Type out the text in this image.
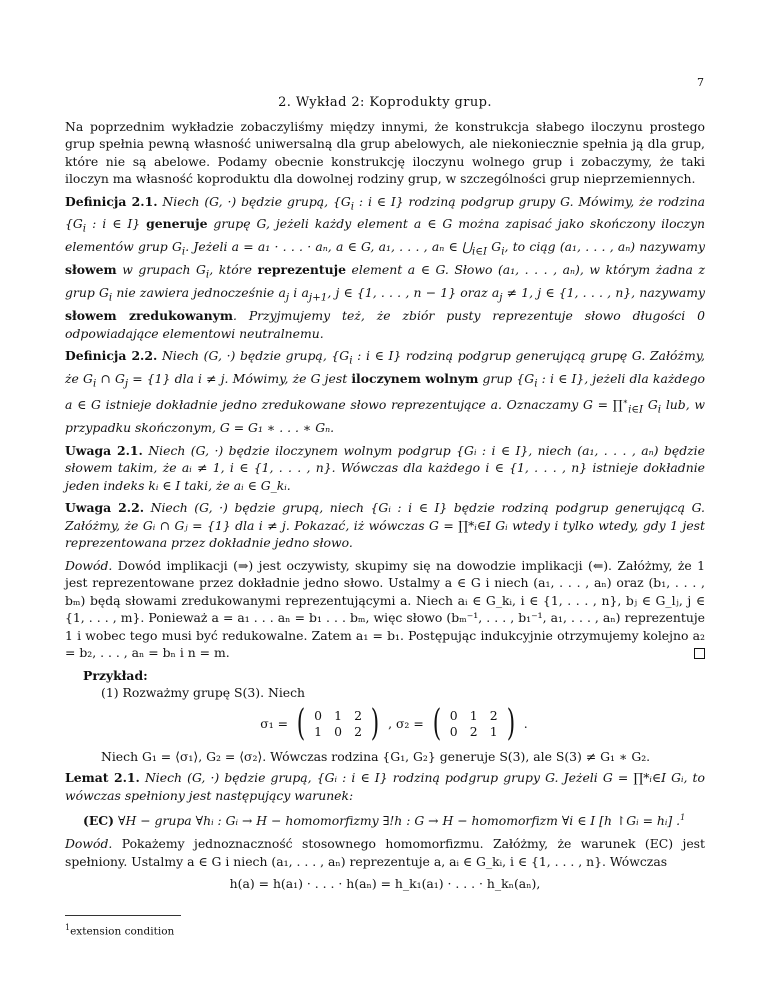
7
2. Wykład 2: Koprodukty grup.

Na poprzednim wykładzie zobaczyliśmy między innymi, że konstrukcja słabego iloczynu prostego grup spełnia pewną własność uniwersalną dla grup abelowych, ale niekoniecznie spełnia ją dla grup, które nie są abelowe. Podamy obecnie konstrukcję iloczynu wolnego grup i zobaczymy, że taki iloczyn ma własność koproduktu dla dowolnej rodziny grup, w szczególności grup nieprzemiennych.

Definicja 2.1. Niech (G, ·) będzie grupą, {$G_i$ : i ∈ I} rodziną podgrup grupy G. Mówimy, że rodzina {$G_i$ : i ∈ I} generuje grupę G, jeżeli każdy element a ∈ G można zapisać jako skończony iloczyn elementów grup $G_i$. Jeżeli a = a₁ · . . . · aₙ, a ∈ G, a₁, . . . , aₙ ∈ $⋃_{i\in I}$ $G_i$, to ciąg (a₁, . . . , aₙ) nazywamy słowem w grupach $G_i$, które reprezentuje element a ∈ G. Słowo (a₁, . . . , aₙ), w którym żadna z grup $G_i$ nie zawiera jednocześnie $a_j$ i $a_{j+1}$, j ∈ {1, . . . , n − 1} oraz $a_j \ne 1$, j ∈ {1, . . . , n}, nazywamy słowem zredukowanym. Przyjmujemy też, że zbiór pusty reprezentuje słowo długości 0 odpowiadające elementowi neutralnemu.

Definicja 2.2. Niech (G, ·) będzie grupą, {$G_i$ : i ∈ I} rodziną podgrup generującą grupę G. Załóżmy, że $G_i$ ∩ $G_j = \{1\}$ dla i ≠ j. Mówimy, że G jest iloczynem wolnym grup {$G_i$ : i ∈ I}, jeżeli dla każdego a ∈ G istnieje dokładnie jedno zredukowane słowo reprezentujące a. Oznaczamy $G = \prod^∗_{i\in I}$ $G_i$ lub, w przypadku skończonym, G = G₁ ∗ . . . ∗ Gₙ.

Uwaga 2.1. Niech (G, ·) będzie iloczynem wolnym podgrup {Gᵢ : i ∈ I}, niech (a₁, . . . , aₙ) będzie słowem takim, że aᵢ ≠ 1, i ∈ {1, . . . , n}. Wówczas dla każdego i ∈ {1, . . . , n} istnieje dokładnie jeden indeks kᵢ ∈ I taki, że aᵢ ∈ G_kᵢ.

Uwaga 2.2. Niech (G, ·) będzie grupą, niech {Gᵢ : i ∈ I} będzie rodziną podgrup generującą G. Załóżmy, że Gᵢ ∩ Gⱼ = {1} dla i ≠ j. Pokazać, iż wówczas G = ∏*ᵢ∈I Gᵢ wtedy i tylko wtedy, gdy 1 jest reprezentowana przez dokładnie jedno słowo.

Dowód. Dowód implikacji (⇒) jest oczywisty, skupimy się na dowodzie implikacji (⇐). Załóżmy, że 1 jest reprezentowane przez dokładnie jedno słowo. Ustalmy a ∈ G i niech (a₁, . . . , aₙ) oraz (b₁, . . . , bₘ) będą słowami zredukowanymi reprezentującymi a. Niech aᵢ ∈ G_kᵢ, i ∈ {1, . . . , n}, bⱼ ∈ G_lⱼ, j ∈ {1, . . . , m}. Ponieważ a = a₁ . . . aₙ = b₁ . . . bₘ, więc słowo (bₘ⁻¹, . . . , b₁⁻¹, a₁, . . . , aₙ) reprezentuje 1 i wobec tego musi być redukowalne. Zatem a₁ = b₁. Postępując indukcyjnie otrzymujemy kolejno a₂ = b₂, . . . , aₙ = bₙ i n = m.

Przykład:
(1) Rozważmy grupę S(3). Niech
σ₁ = ( 0 1 2
1 0 2 ) , σ₂ = ( 0 1 2
0 2 1 ) .
Niech G₁ = ⟨σ₁⟩, G₂ = ⟨σ₂⟩. Wówczas rodzina {G₁, G₂} generuje S(3), ale S(3) ≠ G₁ ∗ G₂.

Lemat 2.1. Niech (G, ·) będzie grupą, {Gᵢ : i ∈ I} rodziną podgrup grupy G. Jeżeli G = ∏*ᵢ∈I Gᵢ, to wówczas spełniony jest następujący warunek:

(EC) ∀H − grupa ∀hᵢ : Gᵢ → H − homomorfizmy ∃!h : G → H − homomorfizm ∀i ∈ I [h ↾Gᵢ = hᵢ] .$^1$

Dowód. Pokażemy jednoznaczność stosownego homomorfizmu. Załóżmy, że warunek (EC) jest spełniony. Ustalmy a ∈ G i niech (a₁, . . . , aₙ) reprezentuje a, aᵢ ∈ G_kᵢ, i ∈ {1, . . . , n}. Wówczas

h(a) = h(a₁) · . . . · h(aₙ) = h_k₁(a₁) · . . . · h_kₙ(aₙ),
$^1$extension condition
